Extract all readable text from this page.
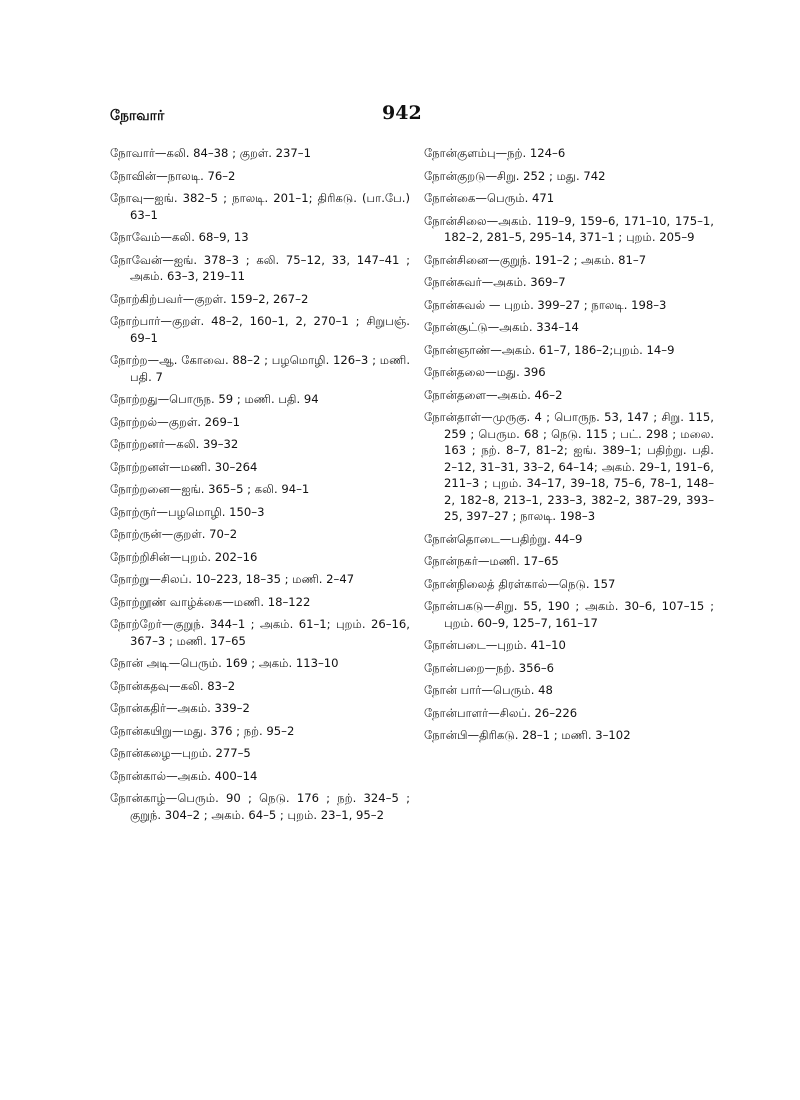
நோவார்	942
நோவார்—கலி. 84–38 ; குறள். 237–1
நோவின்—நாலடி. 76–2
நோவு—ஐங். 382–5 ; நாலடி. 201–1; திரிகடு. (பா.பே.) 63–1
நோவேம்—கலி. 68–9, 13
நோவேன்—ஐங். 378–3 ; கலி. 75–12, 33, 147–41 ; அகம். 63–3, 219–11
நோற்கிற்பவர்—குறள். 159–2, 267–2
நோற்பார்—குறள். 48–2, 160–1, 2, 270–1 ; சிறுபஞ். 69–1
நோற்ற—ஆ. கோவை. 88–2 ; பழமொழி. 126–3 ; மணி. பதி. 7
நோற்றது—பொருந. 59 ; மணி. பதி. 94
நோற்றல்—குறள். 269–1
நோற்றனர்—கலி. 39–32
நோற்றனள்—மணி. 30–264
நோற்றனை—ஐங். 365–5 ; கலி. 94–1
நோற்ருர்—பழமொழி. 150–3
நோற்ருன்—குறள். 70–2
நோற்றிசின்—புறம். 202–16
நோற்று—சிலப். 10–223, 18–35 ; மணி. 2–47
நோற்றூண் வாழ்க்கை—மணி. 18–122
நோற்றேர்—குறுந். 344–1 ; அகம். 61–1; புறம். 26–16, 367–3 ; மணி. 17–65
நோன் அடி—பெரும். 169 ; அகம். 113–10
நோன்கதவு—கலி. 83–2
நோன்கதிர்—அகம். 339–2
நோன்கயிறு—மது. 376 ; நற். 95–2
நோன்கழை—புறம். 277–5
நோன்கால்—அகம். 400–14
நோன்காழ்—பெரும். 90 ; நெடு. 176 ; நற். 324–5 ; குறுந். 304–2 ; அகம். 64–5 ; புறம். 23–1, 95–2
நோன்குளம்பு—நற். 124–6
நோன்குறடு—சிறு. 252 ; மது. 742
நோன்கை—பெரும். 471
நோன்சிலை—அகம். 119–9, 159–6, 171–10, 175–1, 182–2, 281–5, 295–14, 371–1 ; புறம். 205–9
நோன்சினை—குறுந். 191–2 ; அகம். 81–7
நோன்சுவர்—அகம். 369–7
நோன்சுவல் — புறம். 399–27 ; நாலடி. 198–3
நோன்சூட்டு—அகம். 334–14
நோன்ஞாண்—அகம். 61–7, 186–2;புறம். 14–9
நோன்தலை—மது. 396
நோன்தளை—அகம். 46–2
நோன்தாள்—முருகு. 4 ; பொருந. 53, 147 ; சிறு. 115, 259 ; பெரும. 68 ; நெடு. 115 ; பட். 298 ; மலை. 163 ; நற். 8–7, 81–2; ஐங். 389–1; பதிற்று. பதி. 2–12, 31–31, 33–2, 64–14; அகம். 29–1, 191–6, 211–3 ; புறம். 34–17, 39–18, 75–6, 78–1, 148–2, 182–8, 213–1, 233–3, 382–2, 387–29, 393–25, 397–27 ; நாலடி. 198–3
நோன்தொடை—பதிற்று. 44–9
நோன்நகர்—மணி. 17–65
நோன்நிலைத் திரள்கால்—நெடு. 157
நோன்பகடு—சிறு. 55, 190 ; அகம். 30–6, 107–15 ; புறம். 60–9, 125–7, 161–17
நோன்படை—புறம். 41–10
நோன்பறை—நற். 356–6
நோன் பார்—பெரும். 48
நோன்பாளர்—சிலப். 26–226
நோன்பி—திரிகடு. 28–1 ; மணி. 3–102
